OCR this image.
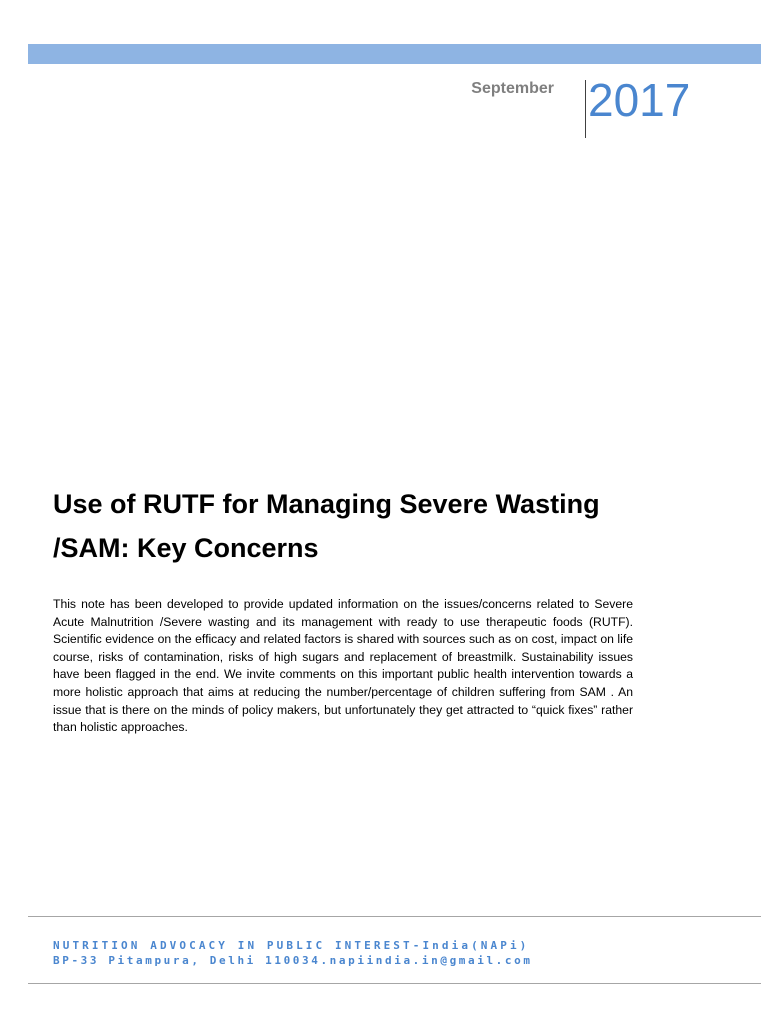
September 2017
Use of RUTF for Managing Severe Wasting /SAM: Key Concerns

This note has been developed to provide updated information on the issues/concerns related to Severe Acute Malnutrition /Severe wasting and its management with ready to use therapeutic foods (RUTF). Scientific evidence on the efficacy and related factors is shared with sources such as on cost, impact on life course, risks of contamination, risks of high sugars and replacement of breastmilk. Sustainability issues have been flagged in the end. We invite comments on this important public health intervention towards a more holistic approach that aims at reducing the number/percentage of children suffering from SAM . An issue that is there on the minds of policy makers, but unfortunately they get attracted to “quick fixes” rather than holistic approaches.

NUTRITION ADVOCACY IN PUBLIC INTEREST-India(NAPi)
BP-33 Pitampura, Delhi 110034.napiindia.in@gmail.com
